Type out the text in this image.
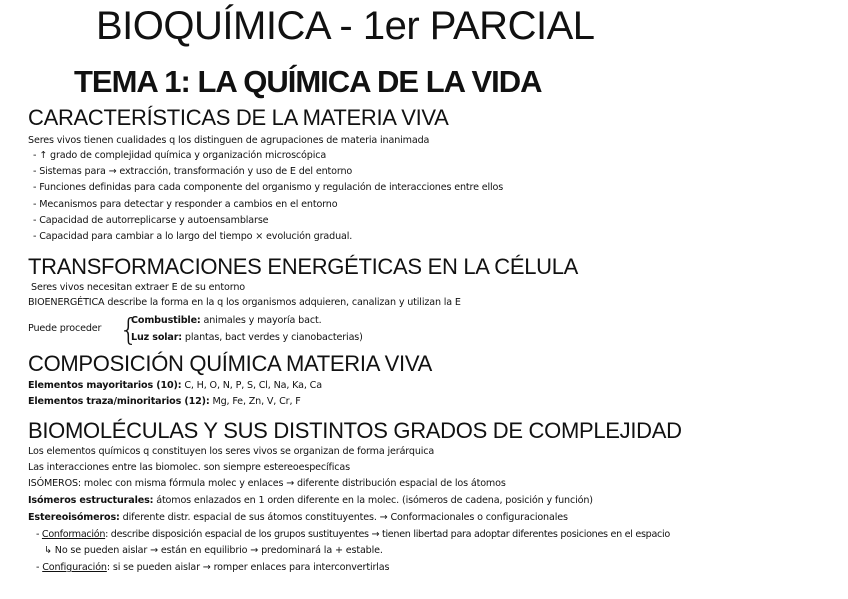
BIOQUÍMICA - 1er PARCIAL
TEMA 1: LA QUÍMICA DE LA VIDA
CARACTERÍSTICAS DE LA MATERIA VIVA
Seres vivos tienen cualidades q los distinguen de agrupaciones de materia inanimada
- ↑ grado de complejidad química y organización microscópica
- Sistemas para → extracción, transformación y uso de E del entorno
- Funciones definidas para cada componente del organismo y regulación de interacciones entre ellos
- Mecanismos para detectar y responder a cambios en el entorno
- Capacidad de autorreplicarse y autoensamblarse
- Capacidad para cambiar a lo largo del tiempo × evolución gradual.
TRANSFORMACIONES ENERGÉTICAS EN LA CÉLULA
Seres vivos necesitan extraer E de su entorno
BIOENERGÉTICA describe la forma en la q los organismos adquieren, canalizan y utilizan la E
Puede proceder {
Combustible: animales y mayoría bact.
Luz solar: plantas, bact verdes y cianobacterias)
COMPOSICIÓN QUÍMICA MATERIA VIVA
Elementos mayoritarios (10): C, H, O, N, P, S, Cl, Na, Ka, Ca
Elementos traza/minoritarios (12): Mg, Fe, Zn, V, Cr, F
BIOMOLÉCULAS Y SUS DISTINTOS GRADOS DE COMPLEJIDAD
Los elementos químicos q constituyen los seres vivos se organizan de forma jerárquica
Las interacciones entre las biomolec. son siempre estereoespecíficas
ISÓMEROS: molec con misma fórmula molec y enlaces → diferente distribución espacial de los átomos
Isómeros estructurales: átomos enlazados en 1 orden diferente en la molec. (isómeros de cadena, posición y función)
Estereoisómeros: diferente distr. espacial de sus átomos constituyentes. → Conformacionales o configuracionales
- Conformación: describe disposición espacial de los grupos sustituyentes → tienen libertad para adoptar diferentes posiciones en el espacio
↳ No se pueden aislar → están en equilibrio → predominará la + estable.
- Configuración: si se pueden aislar → romper enlaces para interconvertirlas
